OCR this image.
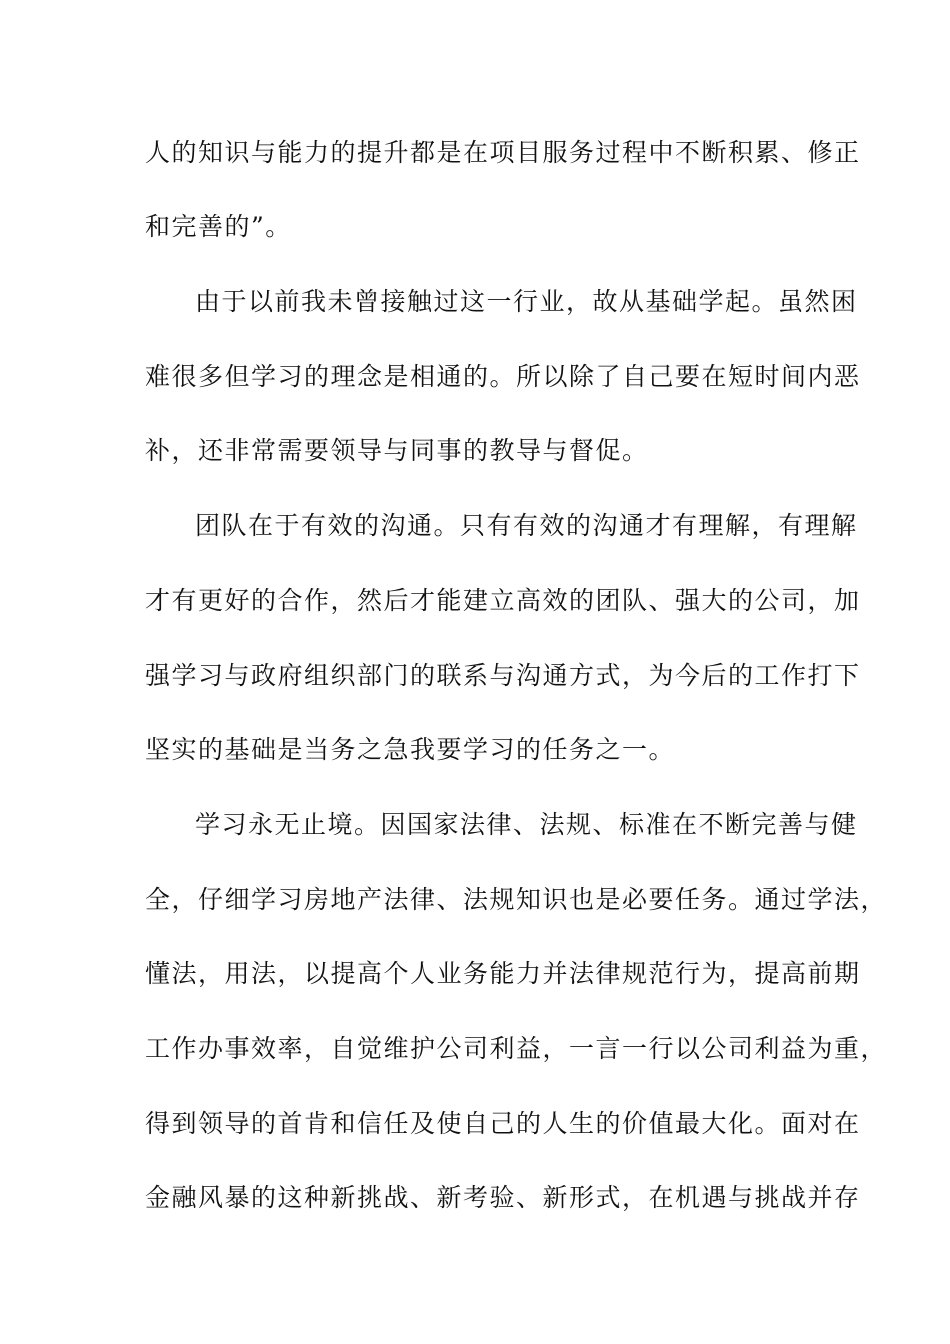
人的知识与能力的提升都是在项目服务过程中不断积累、修正
和完善的”。
由于以前我未曾接触过这一行业，故从基础学起。虽然困
难很多但学习的理念是相通的。所以除了自己要在短时间内恶
补，还非常需要领导与同事的教导与督促。
团队在于有效的沟通。只有有效的沟通才有理解，有理解
才有更好的合作，然后才能建立高效的团队、强大的公司，加
强学习与政府组织部门的联系与沟通方式，为今后的工作打下
坚实的基础是当务之急我要学习的任务之一。
学习永无止境。因国家法律、法规、标准在不断完善与健
全，仔细学习房地产法律、法规知识也是必要任务。通过学法，
懂法，用法，以提高个人业务能力并法律规范行为，提高前期
工作办事效率，自觉维护公司利益，一言一行以公司利益为重，
得到领导的首肯和信任及使自己的人生的价值最大化。面对在
金融风暴的这种新挑战、新考验、新形式，在机遇与挑战并存
